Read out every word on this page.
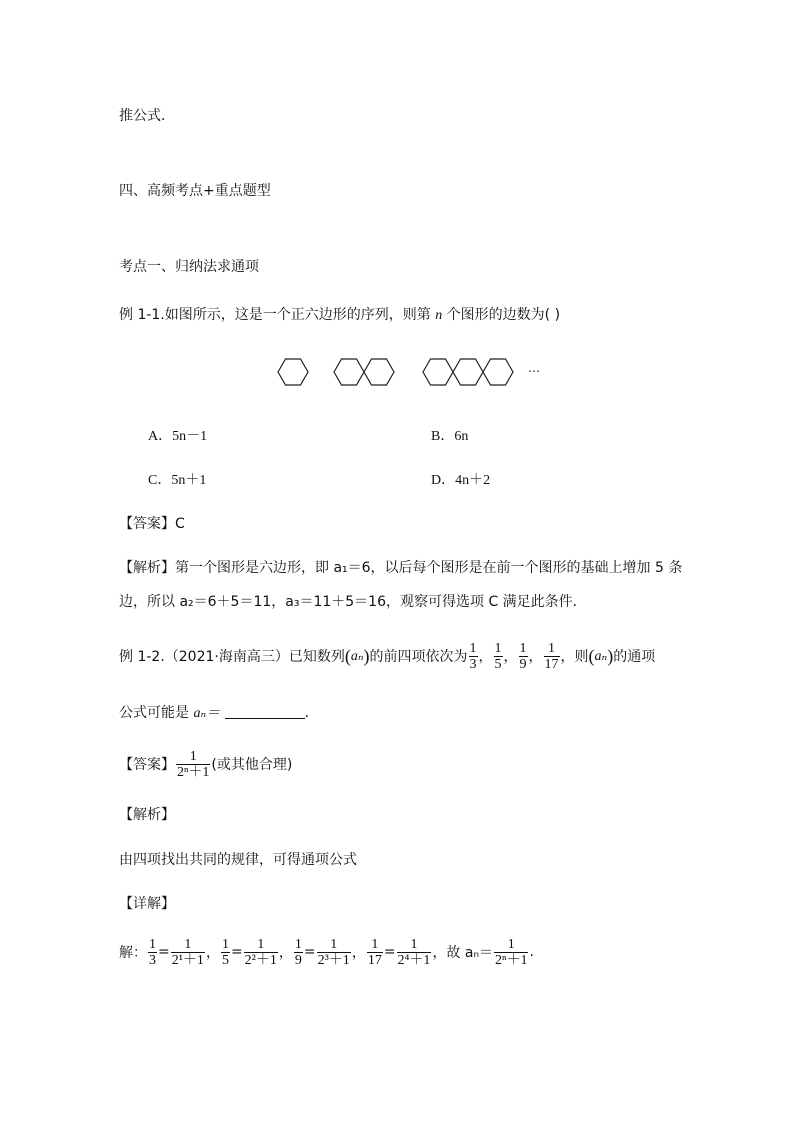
推公式．
四、高频考点+重点题型
考点一、归纳法求通项
例 1-1.如图所示，这是一个正六边形的序列，则第 n 个图形的边数为( )
…
A．5n－1	B．6n
C．5n＋1	D．4n＋2
【答案】C
【解析】第一个图形是六边形，即 a₁＝6，以后每个图形是在前一个图形的基础上增加 5 条
边，所以 a₂＝6＋5＝11，a₃＝11＋5＝16，观察可得选项 C 满足此条件．
例 1-2.（2021·海南高三）已知数列 ( aₙ ) 的前四项依次为 $\frac{1}{3}$ ， $\frac{1}{5}$ ， $\frac{1}{9}$ ， $\frac{1}{17}$ ，则 ( aₙ ) 的通项
公式可能是 aₙ＝	.
【答案】 $\frac{1}{\text{2ⁿ＋1}}$ (或其他合理)
【解析】
由四项找出共同的规律，可得通项公式
【详解】
解： $\frac{1}{3} = \frac{1}{\text{2¹＋1}}$ ， $\frac{1}{5} = \frac{1}{\text{2²＋1}}$ ， $\frac{1}{9} = \frac{1}{\text{2³＋1}}$ ， $\frac{1}{17} = \frac{1}{\text{2⁴＋1}}$ ， 故 $a_n= \frac{1}{\text{2ⁿ＋1}}$ .
